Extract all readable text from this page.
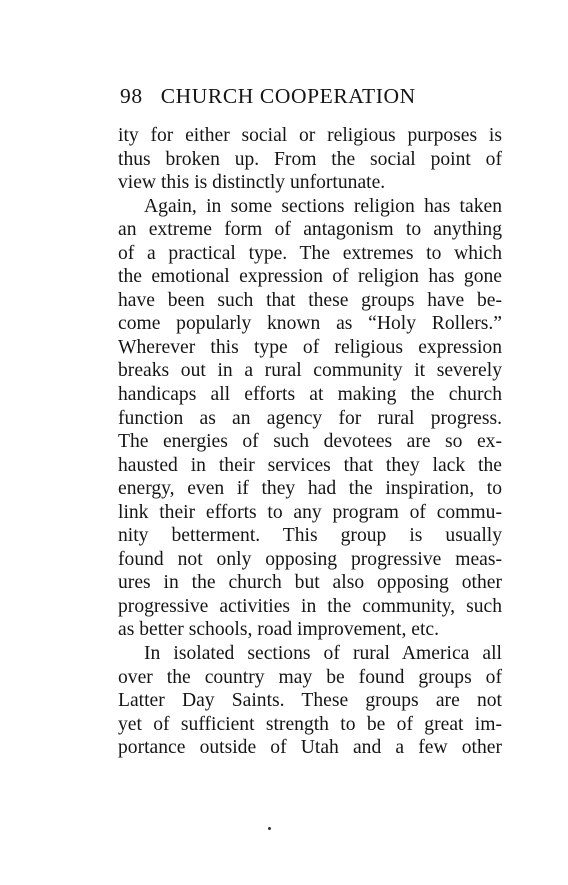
98 CHURCH COOPERATION
ity for either social or religious purposes is
thus broken up. From the social point of
view this is distinctly unfortunate.
Again, in some sections religion has taken
an extreme form of antagonism to anything
of a practical type. The extremes to which
the emotional expression of religion has gone
have been such that these groups have be-
come popularly known as “Holy Rollers.”
Wherever this type of religious expression
breaks out in a rural community it severely
handicaps all efforts at making the church
function as an agency for rural progress.
The energies of such devotees are so ex-
hausted in their services that they lack the
energy, even if they had the inspiration, to
link their efforts to any program of commu-
nity betterment. This group is usually
found not only opposing progressive meas-
ures in the church but also opposing other
progressive activities in the community, such
as better schools, road improvement, etc.
In isolated sections of rural America all
over the country may be found groups of
Latter Day Saints. These groups are not
yet of sufficient strength to be of great im-
portance outside of Utah and a few other
